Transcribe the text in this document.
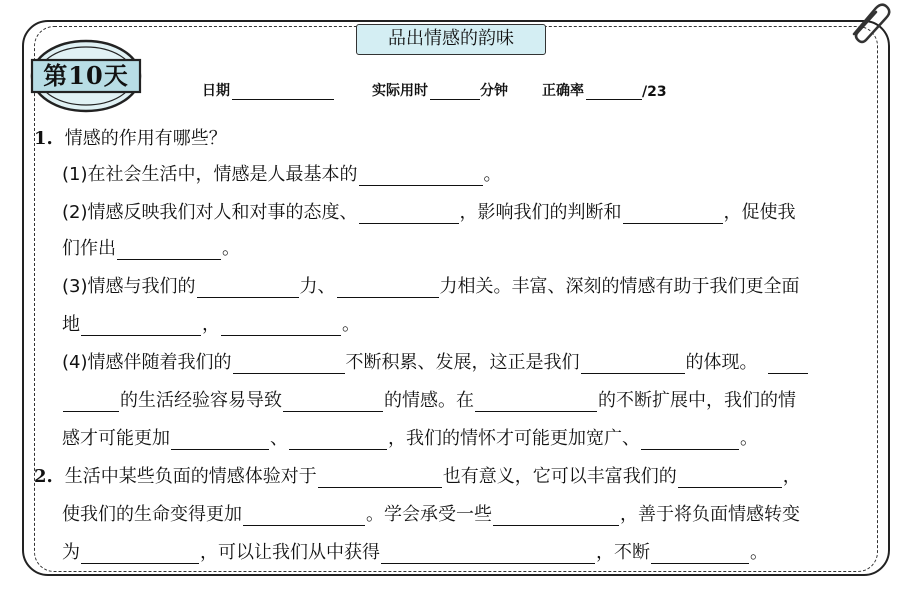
第10天
品出情感的韵味
日期	实际用时	分钟 正确率	/23
1. 情感的作用有哪些？
(1)在社会生活中，情感是人最基本的	。
(2)情感反映我们对人和对事的态度、	，影响我们的判断和	，促使我
们作出	。
(3)情感与我们的	力、	力相关。丰富、深刻的情感有助于我们更全面
地	，	。
(4)情感伴随着我们的	不断积累、发展，这正是我们	的体现。
的生活经验容易导致	的情感。在	的不断扩展中，我们的情
感才可能更加	、	，我们的情怀才可能更加宽广、	。
2. 生活中某些负面的情感体验对于	也有意义，它可以丰富我们的	，
使我们的生命变得更加	。学会承受一些	，善于将负面情感转变
为	，可以让我们从中获得	，不断	。
